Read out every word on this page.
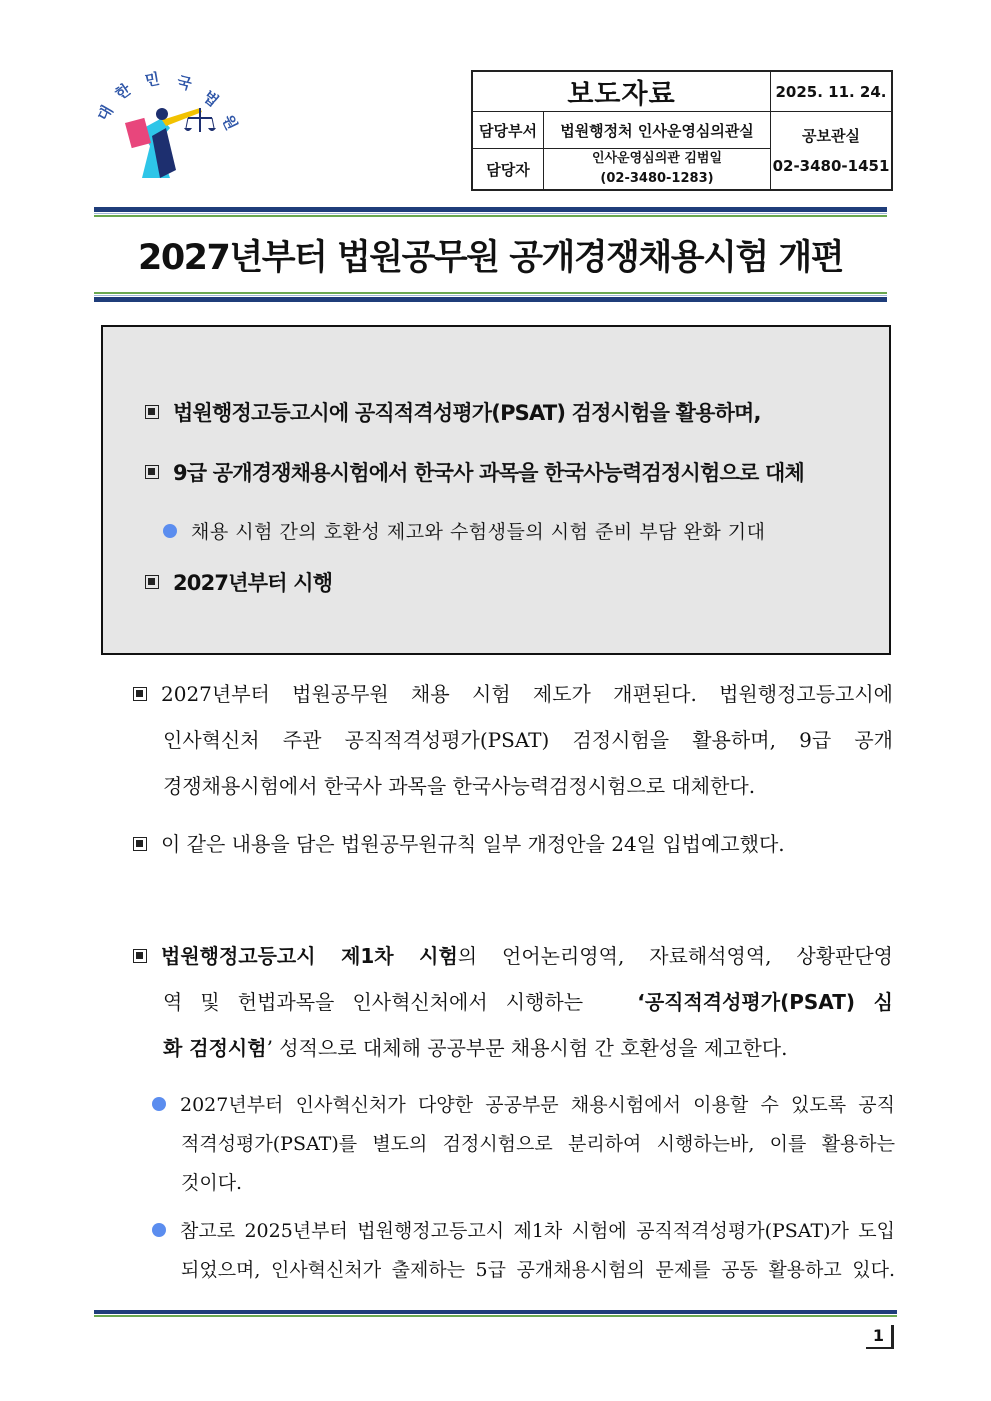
대
한
민 국
법
원
보도자료		2025. 11. 24.
담당부서	법원행정처 인사운영심의관실	공보관실
02-3480-1451

담당자	인사운영심의관 김범일
(02-3480-1283)	
2027년부터 법원공무원 공개경쟁채용시험 개편
법원행정고등고시에 공직적격성평가(PSAT) 검정시험을 활용하며,
9급 공개경쟁채용시험에서 한국사 과목을 한국사능력검정시험으로 대체
채용 시험 간의 호환성 제고와 수험생들의 시험 준비 부담 완화 기대
2027년부터 시행
2027년부터 법원공무원 채용 시험 제도가 개편된다. 법원행정고등고시에
인사혁신처 주관 공직적격성평가(PSAT) 검정시험을 활용하며, 9급 공개
경쟁채용시험에서 한국사 과목을 한국사능력검정시험으로 대체한다.
이 같은 내용을 담은 법원공무원규칙 일부 개정안을 24일 입법예고했다.
법원행정고등고시 제1차 시험의 언어논리영역, 자료해석영역, 상황판단영
역 및 헌법과목을 인사혁신처에서 시행하는	‘공직적격성평가(PSAT) 심
화 검정시험’ 성적으로 대체해 공공부문 채용시험 간 호환성을 제고한다.
2027년부터 인사혁신처가 다양한 공공부문 채용시험에서 이용할 수 있도록 공직
적격성평가(PSAT)를 별도의 검정시험으로 분리하여 시행하는바, 이를 활용하는
것이다.
참고로 2025년부터 법원행정고등고시 제1차 시험에 공직적격성평가(PSAT)가 도입
되었으며, 인사혁신처가 출제하는 5급 공개채용시험의 문제를 공동 활용하고 있다.
1
